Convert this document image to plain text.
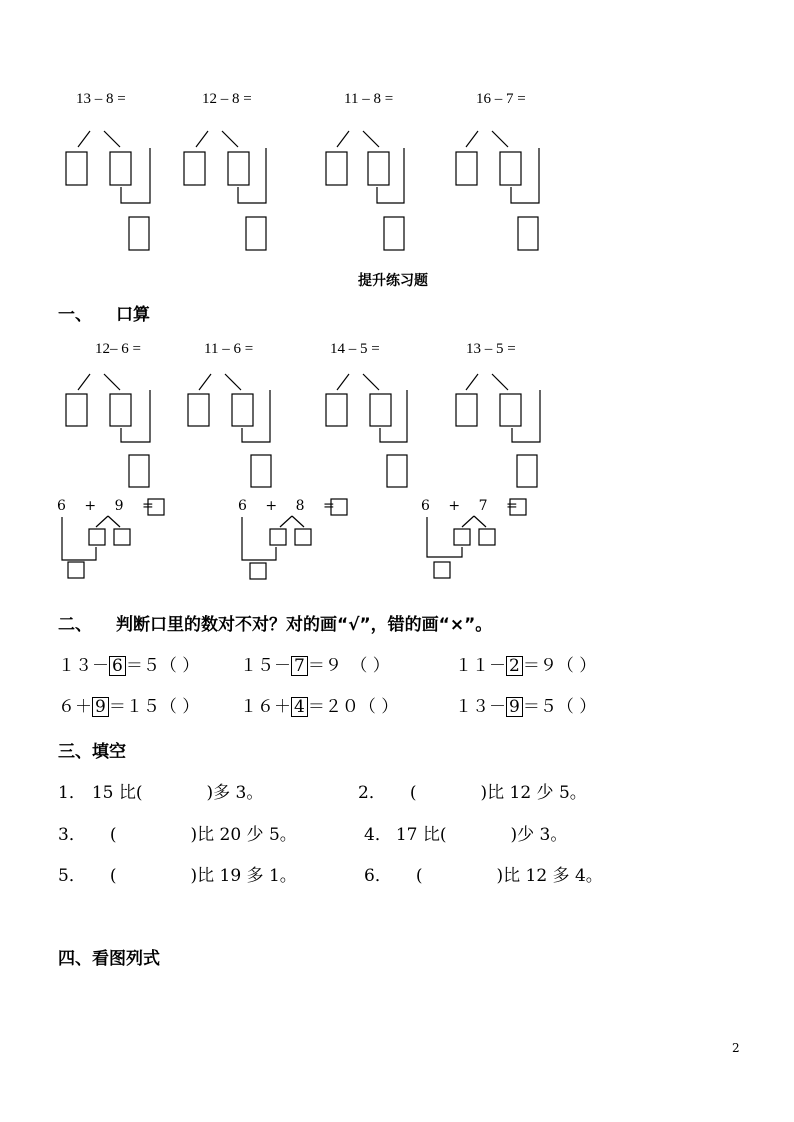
13 – 8 =	12 – 8 =	11 – 8 =	16 – 7 =
提升练习题
一、 口算
12– 6 =	11 – 6 =	14 – 5 =	13 – 5 =
6 + 9 =	6 + 8 =	6 + 7 =
二、 判断口里的数对不对？对的画“√”，错的画“×”。
１３－ 6 ＝５（ ） １５－ 7 ＝９　（ ）	１１－ 2 ＝９（ ）
６＋ 9 ＝１５（ ） １６＋ 4 ＝２０（ ）	１３－ 9 ＝５（ ）
三、填空
1． 15 比(	)多 3。	2． (	)比 12 少 5。
3． (	)比 20 少 5。	4． 17 比(	)少 3。
5． (	)比 19 多 1。	6． (	)比 12 多 4。
四、看图列式
2
